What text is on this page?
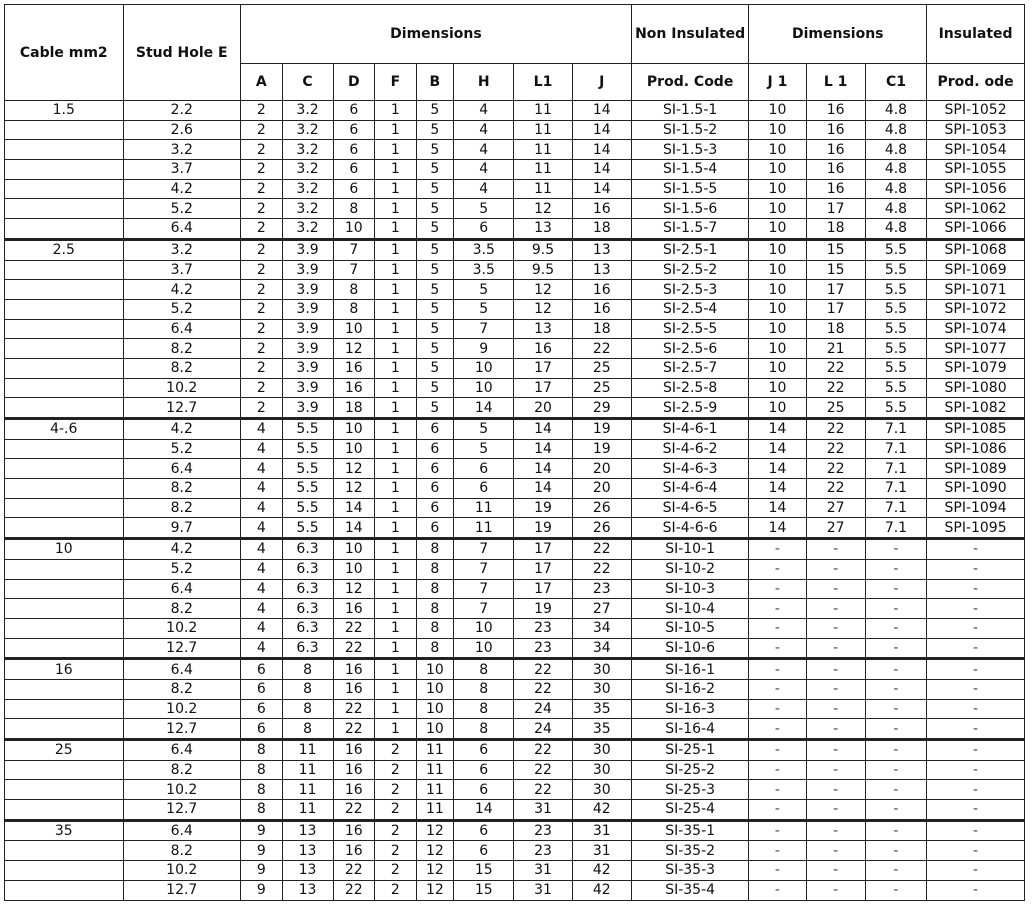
Cable mm2	Stud Hole E	Dimensions								Non Insulated	Dimensions			Insulated
		A	C	D	F	B	H	L1	J	Prod. Code	J 1	L 1	C1	Prod. ode
1.5	2.2	2	3.2	6	1	5	4	11	14	SI-1.5-1	10	16	4.8	SPI-1052
	2.6	2	3.2	6	1	5	4	11	14	SI-1.5-2	10	16	4.8	SPI-1053
	3.2	2	3.2	6	1	5	4	11	14	SI-1.5-3	10	16	4.8	SPI-1054
	3.7	2	3.2	6	1	5	4	11	14	SI-1.5-4	10	16	4.8	SPI-1055
	4.2	2	3.2	6	1	5	4	11	14	SI-1.5-5	10	16	4.8	SPI-1056
	5.2	2	3.2	8	1	5	5	12	16	SI-1.5-6	10	17	4.8	SPI-1062
	6.4	2	3.2	10	1	5	6	13	18	SI-1.5-7	10	18	4.8	SPI-1066
2.5	3.2	2	3.9	7	1	5	3.5	9.5	13	SI-2.5-1	10	15	5.5	SPI-1068
	3.7	2	3.9	7	1	5	3.5	9.5	13	SI-2.5-2	10	15	5.5	SPI-1069
	4.2	2	3.9	8	1	5	5	12	16	SI-2.5-3	10	17	5.5	SPI-1071
	5.2	2	3.9	8	1	5	5	12	16	SI-2.5-4	10	17	5.5	SPI-1072
	6.4	2	3.9	10	1	5	7	13	18	SI-2.5-5	10	18	5.5	SPI-1074
	8.2	2	3.9	12	1	5	9	16	22	SI-2.5-6	10	21	5.5	SPI-1077
	8.2	2	3.9	16	1	5	10	17	25	SI-2.5-7	10	22	5.5	SPI-1079
	10.2	2	3.9	16	1	5	10	17	25	SI-2.5-8	10	22	5.5	SPI-1080
	12.7	2	3.9	18	1	5	14	20	29	SI-2.5-9	10	25	5.5	SPI-1082
4-.6	4.2	4	5.5	10	1	6	5	14	19	SI-4-6-1	14	22	7.1	SPI-1085
	5.2	4	5.5	10	1	6	5	14	19	SI-4-6-2	14	22	7.1	SPI-1086
	6.4	4	5.5	12	1	6	6	14	20	SI-4-6-3	14	22	7.1	SPI-1089
	8.2	4	5.5	12	1	6	6	14	20	SI-4-6-4	14	22	7.1	SPI-1090
	8.2	4	5.5	14	1	6	11	19	26	SI-4-6-5	14	27	7.1	SPI-1094
	9.7	4	5.5	14	1	6	11	19	26	SI-4-6-6	14	27	7.1	SPI-1095
10	4.2	4	6.3	10	1	8	7	17	22	SI-10-1	-	-	-	-
	5.2	4	6.3	10	1	8	7	17	22	SI-10-2	-	-	-	-
	6.4	4	6.3	12	1	8	7	17	23	SI-10-3	-	-	-	-
	8.2	4	6.3	16	1	8	7	19	27	SI-10-4	-	-	-	-
	10.2	4	6.3	22	1	8	10	23	34	SI-10-5	-	-	-	-
	12.7	4	6.3	22	1	8	10	23	34	SI-10-6	-	-	-	-
16	6.4	6	8	16	1	10	8	22	30	SI-16-1	-	-	-	-
	8.2	6	8	16	1	10	8	22	30	SI-16-2	-	-	-	-
	10.2	6	8	22	1	10	8	24	35	SI-16-3	-	-	-	-
	12.7	6	8	22	1	10	8	24	35	SI-16-4	-	-	-	-
25	6.4	8	11	16	2	11	6	22	30	SI-25-1	-	-	-	-
	8.2	8	11	16	2	11	6	22	30	SI-25-2	-	-	-	-
	10.2	8	11	16	2	11	6	22	30	SI-25-3	-	-	-	-
	12.7	8	11	22	2	11	14	31	42	SI-25-4	-	-	-	-
35	6.4	9	13	16	2	12	6	23	31	SI-35-1	-	-	-	-
	8.2	9	13	16	2	12	6	23	31	SI-35-2	-	-	-	-
	10.2	9	13	22	2	12	15	31	42	SI-35-3	-	-	-	-
	12.7	9	13	22	2	12	15	31	42	SI-35-4	-	-	-	-
